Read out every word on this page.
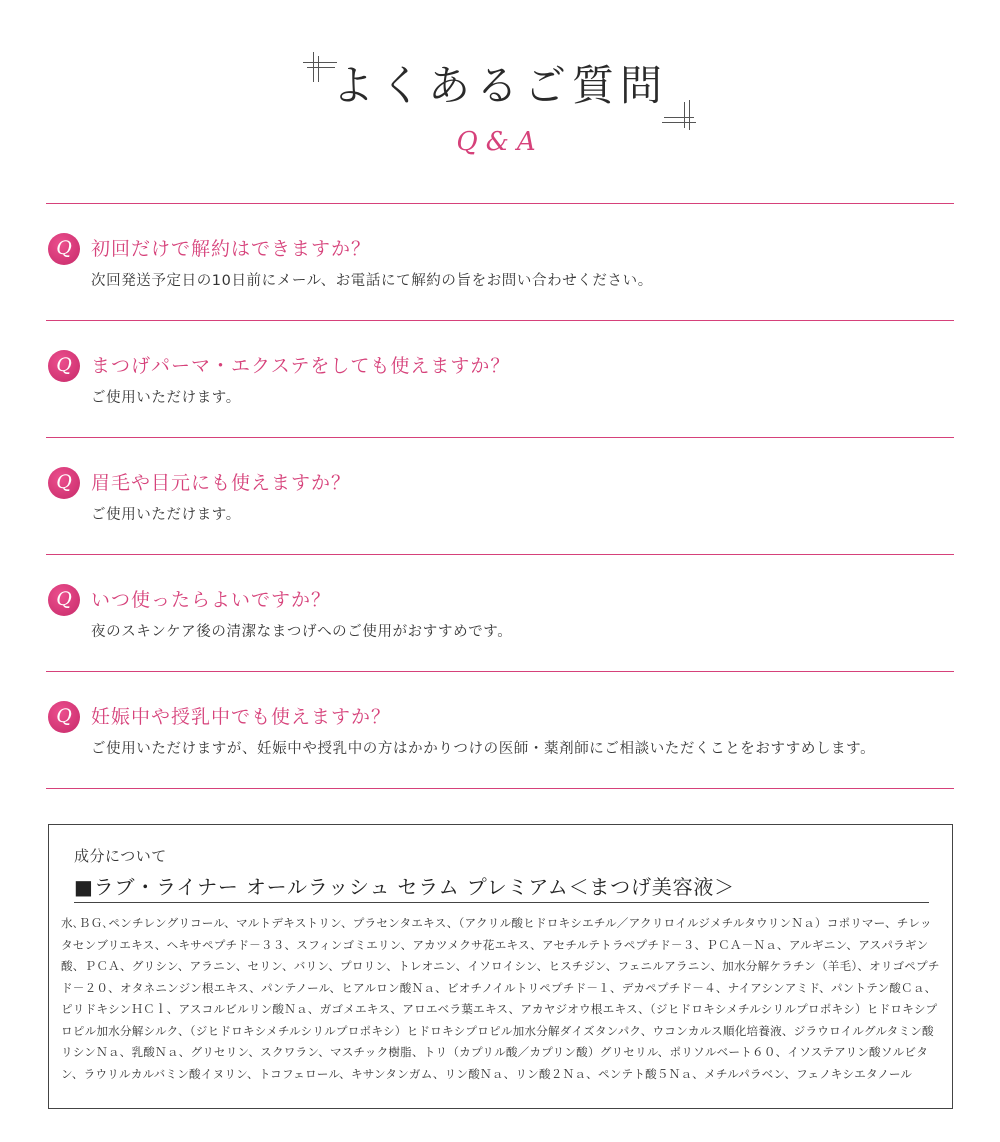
よくあるご質問
Q&A
Q	初回だけで解約はできますか？
次回発送予定日の10日前にメール、お電話にて解約の旨をお問い合わせください。
Q	まつげパーマ・エクステをしても使えますか？
ご使用いただけます。
Q	眉毛や目元にも使えますか？
ご使用いただけます。
Q	いつ使ったらよいですか？
夜のスキンケア後の清潔なまつげへのご使用がおすすめです。
Q	妊娠中や授乳中でも使えますか？
ご使用いただけますが、妊娠中や授乳中の方はかかりつけの医師・薬剤師にご相談いただくことをおすすめします。
成分について
■ラブ・ライナー オールラッシュ セラム プレミアム＜まつげ美容液＞
水､ＢＧ､ペンチレングリコール、マルトデキストリン、プラセンタエキス、（アクリル酸ヒドロキシエチル／アクリロイルジメチルタウリンＮａ）コポリマー、チレッタセンブリエキス、ヘキサペプチド－３３、スフィンゴミエリン、アカツメクサ花エキス、アセチルテトラペプチド－３、ＰＣＡ－Ｎａ、アルギニン、アスパラギン酸、ＰＣＡ、グリシン、アラニン、セリン、バリン、プロリン、トレオニン、イソロイシン、ヒスチジン、フェニルアラニン、加水分解ケラチン（羊毛）、オリゴペプチド－２０、オタネニンジン根エキス、パンテノール、ヒアルロン酸Ｎａ、ビオチノイルトリペプチド－１、デカペプチド－４、ナイアシンアミド、パントテン酸Ｃａ、ピリドキシンＨＣｌ、アスコルビルリン酸Ｎａ、ガゴメエキス、アロエベラ葉エキス、アカヤジオウ根エキス、（ジヒドロキシメチルシリルプロポキシ）ヒドロキシプロピル加水分解シルク、（ジヒドロキシメチルシリルプロポキシ）ヒドロキシプロピル加水分解ダイズタンパク、ウコンカルス順化培養液、ジラウロイルグルタミン酸リシンＮａ、乳酸Ｎａ、グリセリン、スクワラン、マスチック樹脂、トリ（カプリル酸／カプリン酸）グリセリル、ポリソルベート６０、イソステアリン酸ソルビタン、ラウリルカルバミン酸イヌリン、トコフェロール、キサンタンガム、リン酸Ｎａ、リン酸２Ｎａ、ペンテト酸５Ｎａ、メチルパラベン、フェノキシエタノール
